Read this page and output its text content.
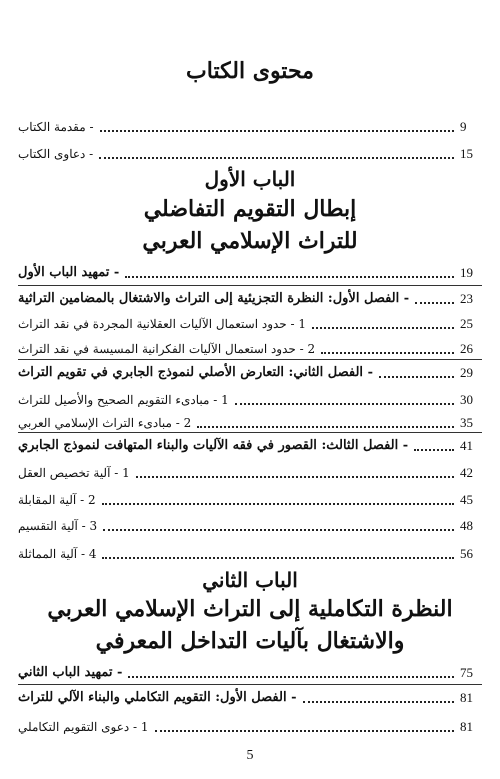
محتوى الكتاب
- مقدمة الكتاب	9
- دعاوى الكتاب	15
الباب الأول
إبطال التقويم التفاضلي
للتراث الإسلامي العربي
- تمهيد الباب الأول	19
- الفصل الأول: النظرة التجزيئية إلى التراث والاشتغال بالمضامين التراثية	23
1 - حدود استعمال الآليات العقلانية المجردة في نقد التراث	25
2 - حدود استعمال الآليات الفكرانية المسيسة في نقد التراث	26
- الفصل الثاني: التعارض الأصلي لنموذج الجابري في تقويم التراث	29
1 - مبادىء التقويم الصحيح والأصيل للتراث	30
2 - مبادىء التراث الإسلامي العربي	35
- الفصل الثالث: القصور في فقه الآليات والبناء المتهافت لنموذج الجابري	41
1 - آلية تخصيص العقل	42
2 - آلية المقابلة	45
3 - آلية التقسيم	48
4 - آلية المماثلة	56
الباب الثاني
النظرة التكاملية إلى التراث الإسلامي العربي
والاشتغال بآليات التداخل المعرفي
- تمهيد الباب الثاني	75
- الفصل الأول: التقويم التكاملي والبناء الآلي للتراث	81
1 - دعوى التقويم التكاملي	81
5
